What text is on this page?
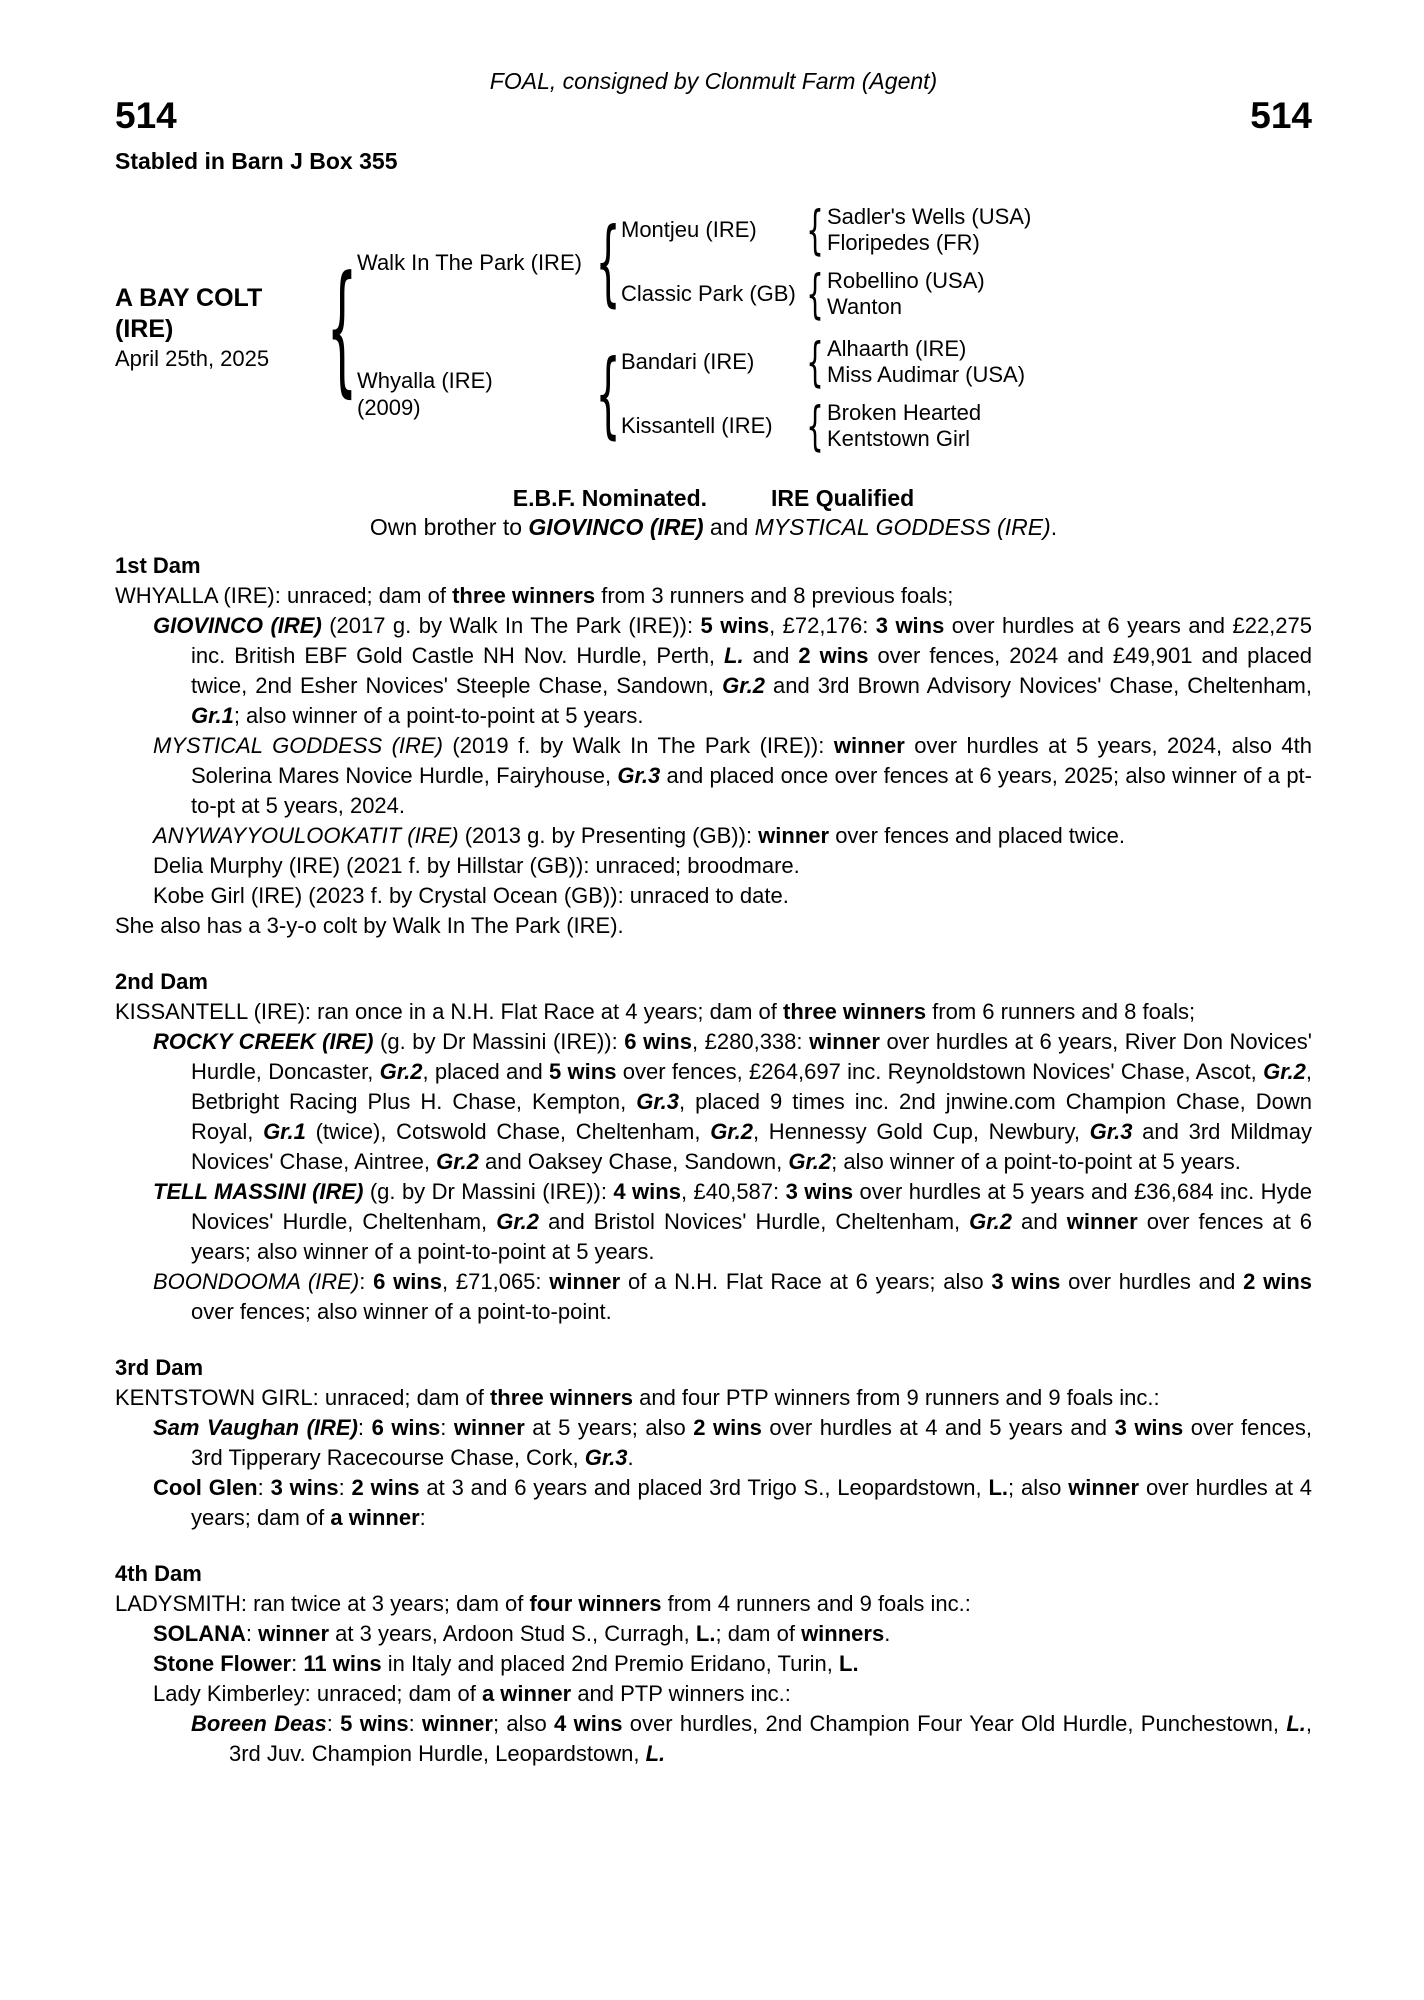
FOAL, consigned by Clonmult Farm (Agent)
514	514
Stabled in Barn J Box 355
A BAY COLT
(IRE)
April 25th, 2025 { Walk In The Park (IRE) { Montjeu (IRE) { Sadler's Wells (USA)
Floripedes (FR)
Classic Park (GB) { Robellino (USA)
Wanton
Whyalla (IRE)
(2009)	{ Bandari (IRE)	{ Alhaarth (IRE)
Miss Audimar (USA)
Kissantell (IRE) { Broken Hearted
Kentstown Girl
E.B.F. Nominated.	IRE Qualified
Own brother to GIOVINCO (IRE) and MYSTICAL GODDESS (IRE).
1st Dam

WHYALLA (IRE): unraced; dam of three winners from 3 runners and 8 previous foals;

GIOVINCO (IRE) (2017 g. by Walk In The Park (IRE)): 5 wins, £72,176: 3 wins over hurdles at 6 years and £22,275 inc. British EBF Gold Castle NH Nov. Hurdle, Perth, L. and 2 wins over fences, 2024 and £49,901 and placed twice, 2nd Esher Novices' Steeple Chase, Sandown, Gr.2 and 3rd Brown Advisory Novices' Chase, Cheltenham, Gr.1; also winner of a point-to-point at 5 years.

MYSTICAL GODDESS (IRE) (2019 f. by Walk In The Park (IRE)): winner over hurdles at 5 years, 2024, also 4th Solerina Mares Novice Hurdle, Fairyhouse, Gr.3 and placed once over fences at 6 years, 2025; also winner of a pt-to-pt at 5 years, 2024.

ANYWAYYOULOOKATIT (IRE) (2013 g. by Presenting (GB)): winner over fences and placed twice.

Delia Murphy (IRE) (2021 f. by Hillstar (GB)): unraced; broodmare.

Kobe Girl (IRE) (2023 f. by Crystal Ocean (GB)): unraced to date.

She also has a 3-y-o colt by Walk In The Park (IRE).

2nd Dam

KISSANTELL (IRE): ran once in a N.H. Flat Race at 4 years; dam of three winners from 6 runners and 8 foals;

ROCKY CREEK (IRE) (g. by Dr Massini (IRE)): 6 wins, £280,338: winner over hurdles at 6 years, River Don Novices' Hurdle, Doncaster, Gr.2, placed and 5 wins over fences, £264,697 inc. Reynoldstown Novices' Chase, Ascot, Gr.2, Betbright Racing Plus H. Chase, Kempton, Gr.3, placed 9 times inc. 2nd jnwine.com Champion Chase, Down Royal, Gr.1 (twice), Cotswold Chase, Cheltenham, Gr.2, Hennessy Gold Cup, Newbury, Gr.3 and 3rd Mildmay Novices' Chase, Aintree, Gr.2 and Oaksey Chase, Sandown, Gr.2; also winner of a point-to-point at 5 years.

TELL MASSINI (IRE) (g. by Dr Massini (IRE)): 4 wins, £40,587: 3 wins over hurdles at 5 years and £36,684 inc. Hyde Novices' Hurdle, Cheltenham, Gr.2 and Bristol Novices' Hurdle, Cheltenham, Gr.2 and winner over fences at 6 years; also winner of a point-to-point at 5 years.

BOONDOOMA (IRE): 6 wins, £71,065: winner of a N.H. Flat Race at 6 years; also 3 wins over hurdles and 2 wins over fences; also winner of a point-to-point.

3rd Dam

KENTSTOWN GIRL: unraced; dam of three winners and four PTP winners from 9 runners and 9 foals inc.:

Sam Vaughan (IRE): 6 wins: winner at 5 years; also 2 wins over hurdles at 4 and 5 years and 3 wins over fences, 3rd Tipperary Racecourse Chase, Cork, Gr.3.

Cool Glen: 3 wins: 2 wins at 3 and 6 years and placed 3rd Trigo S., Leopardstown, L.; also winner over hurdles at 4 years; dam of a winner:

4th Dam

LADYSMITH: ran twice at 3 years; dam of four winners from 4 runners and 9 foals inc.:

SOLANA: winner at 3 years, Ardoon Stud S., Curragh, L.; dam of winners.

Stone Flower: 11 wins in Italy and placed 2nd Premio Eridano, Turin, L.

Lady Kimberley: unraced; dam of a winner and PTP winners inc.:

Boreen Deas: 5 wins: winner; also 4 wins over hurdles, 2nd Champion Four Year Old Hurdle, Punchestown, L., 3rd Juv. Champion Hurdle, Leopardstown, L.
